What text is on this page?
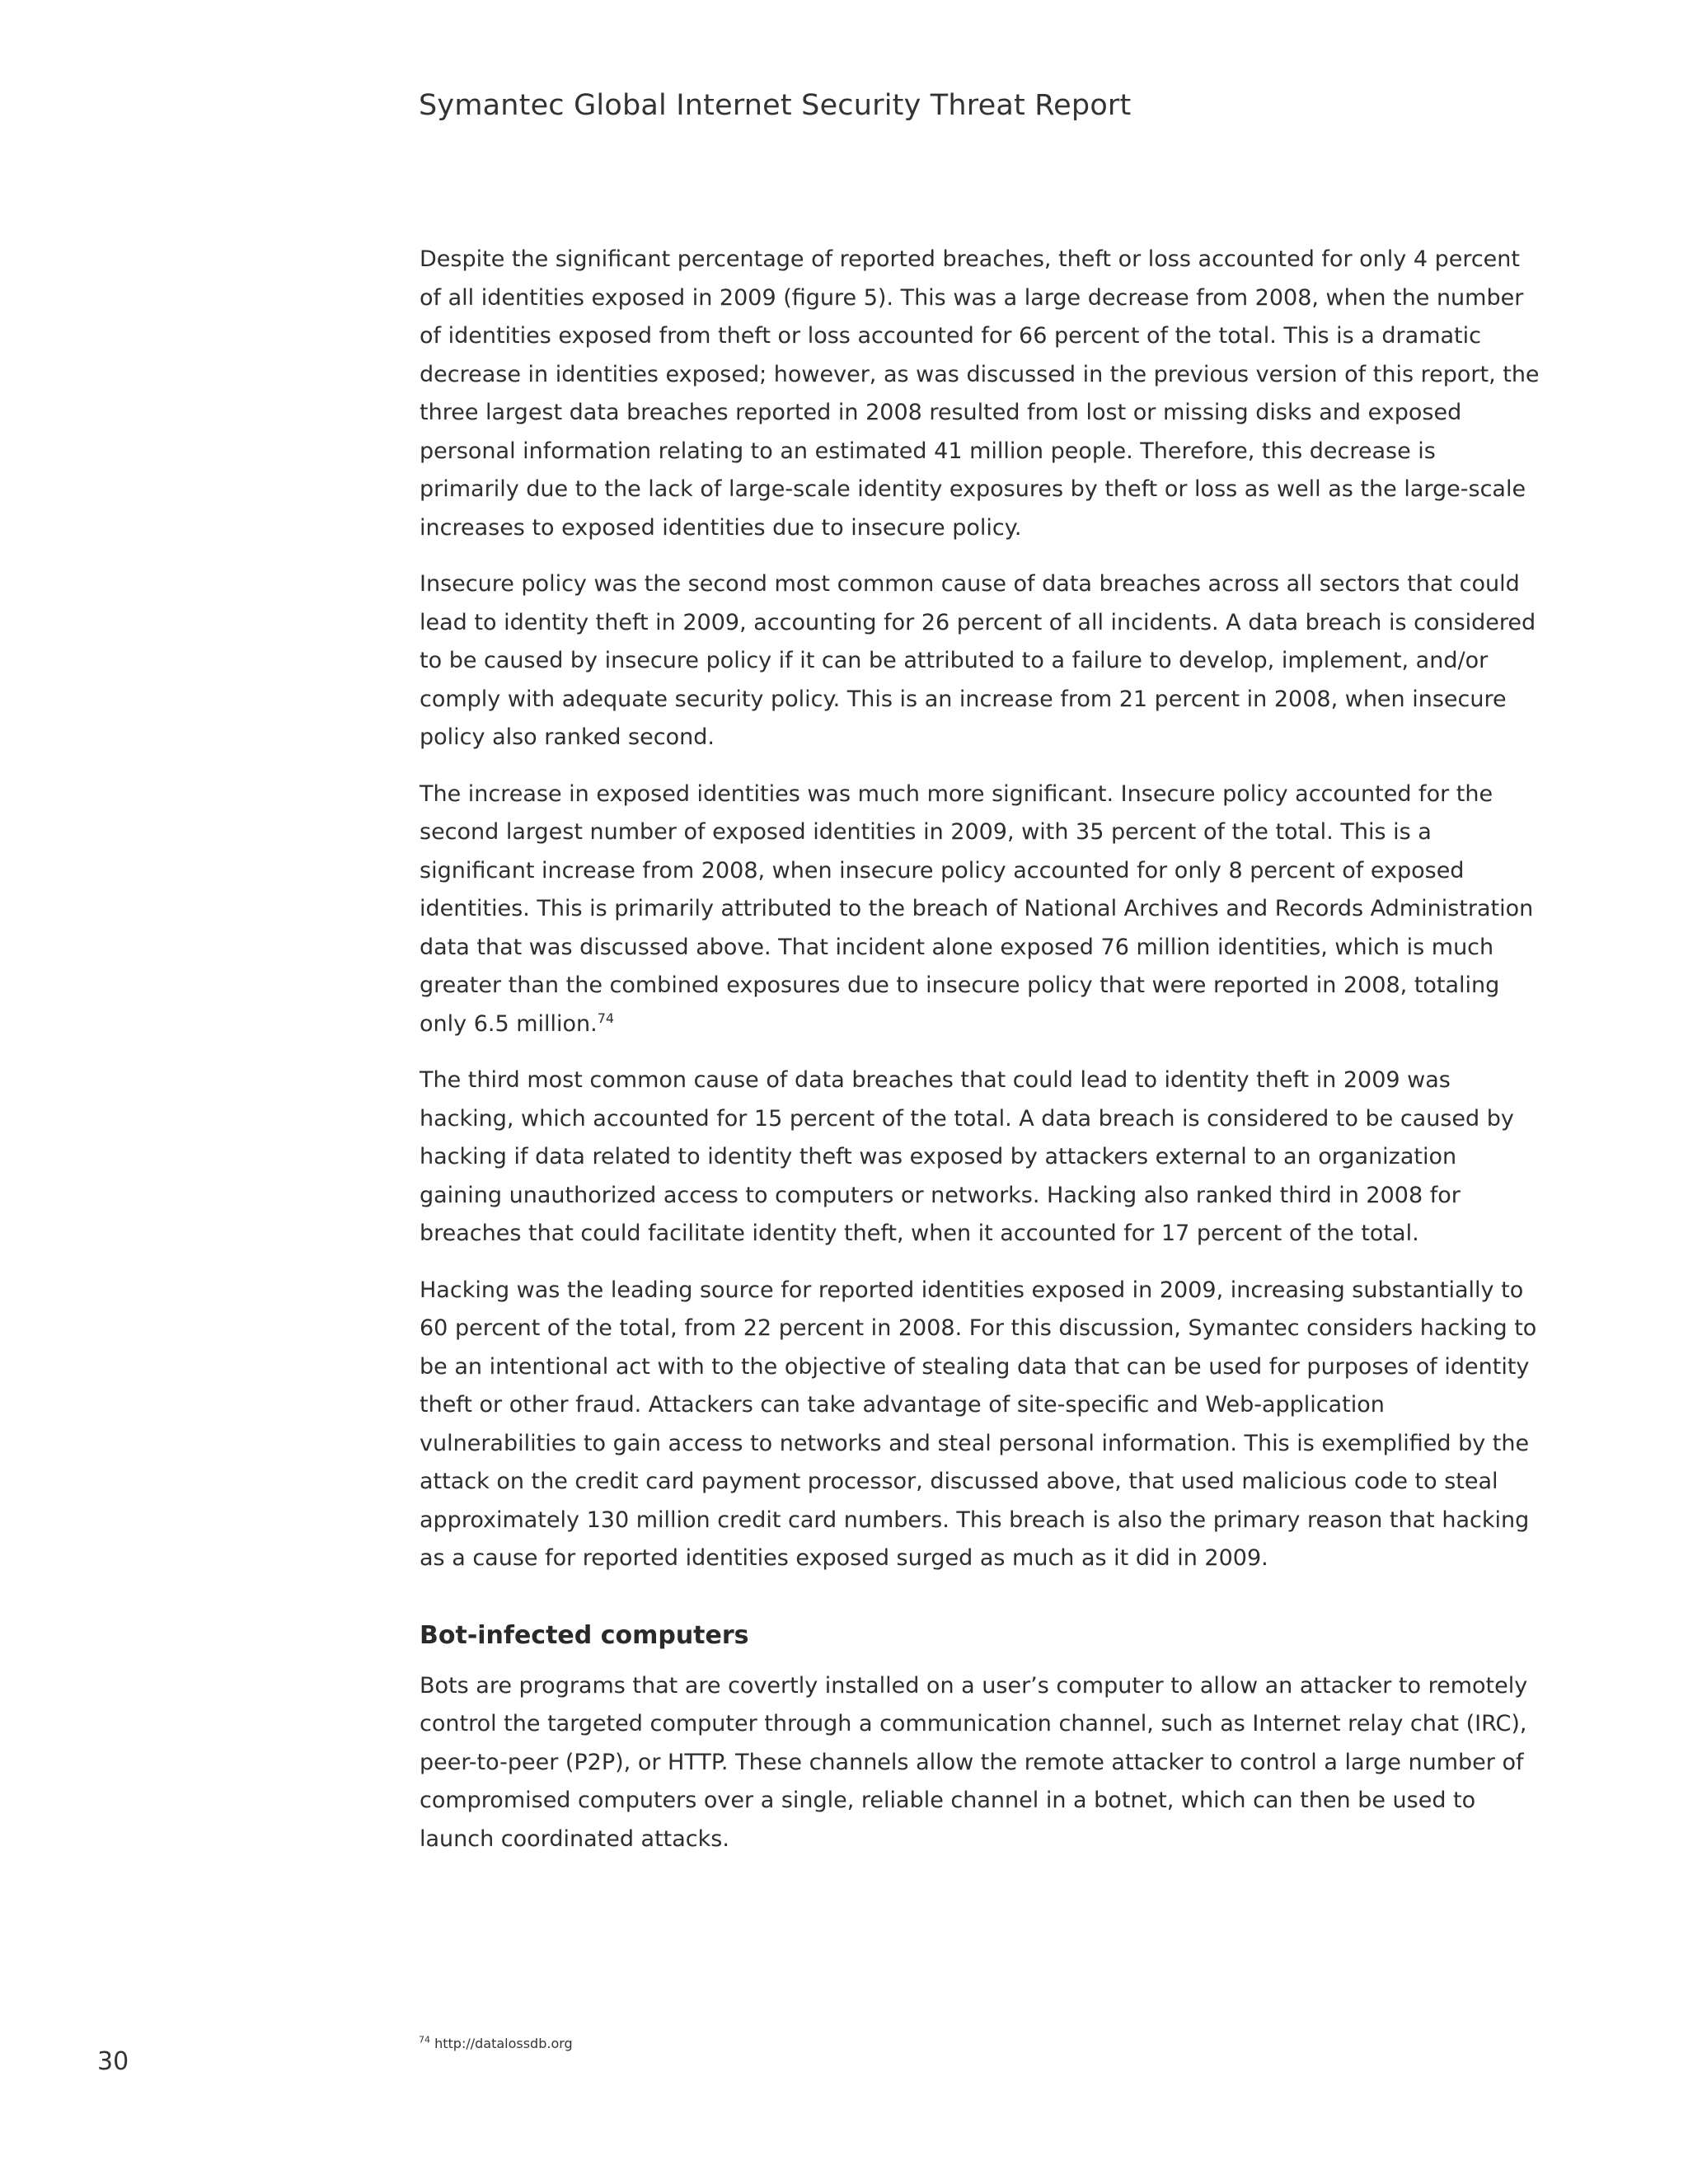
Symantec Global Internet Security Threat Report

Despite the significant percentage of reported breaches, theft or loss accounted for only 4 percent of all identities exposed in 2009 (figure 5). This was a large decrease from 2008, when the number of identities exposed from theft or loss accounted for 66 percent of the total. This is a dramatic decrease in identities exposed; however, as was discussed in the previous version of this report, the three largest data breaches reported in 2008 resulted from lost or missing disks and exposed personal information relating to an estimated 41 million people. Therefore, this decrease is primarily due to the lack of large-scale identity exposures by theft or loss as well as the large-scale increases to exposed identities due to insecure policy.

Insecure policy was the second most common cause of data breaches across all sectors that could lead to identity theft in 2009, accounting for 26 percent of all incidents. A data breach is considered to be caused by insecure policy if it can be attributed to a failure to develop, implement, and/or comply with adequate security policy. This is an increase from 21 percent in 2008, when insecure policy also ranked second.

The increase in exposed identities was much more significant. Insecure policy accounted for the second largest number of exposed identities in 2009, with 35 percent of the total. This is a significant increase from 2008, when insecure policy accounted for only 8 percent of exposed identities. This is primarily attributed to the breach of National Archives and Records Administration data that was discussed above. That incident alone exposed 76 million identities, which is much greater than the combined exposures due to insecure policy that were reported in 2008, totaling only 6.5 million.$^{74}$

The third most common cause of data breaches that could lead to identity theft in 2009 was hacking, which accounted for 15 percent of the total. A data breach is considered to be caused by hacking if data related to identity theft was exposed by attackers external to an organization gaining unauthorized access to computers or networks. Hacking also ranked third in 2008 for breaches that could facilitate identity theft, when it accounted for 17 percent of the total.

Hacking was the leading source for reported identities exposed in 2009, increasing substantially to 60 percent of the total, from 22 percent in 2008. For this discussion, Symantec considers hacking to be an intentional act with to the objective of stealing data that can be used for purposes of identity theft or other fraud. Attackers can take advantage of site-specific and Web-application vulnerabilities to gain access to networks and steal personal information. This is exemplified by the attack on the credit card payment processor, discussed above, that used malicious code to steal approximately 130 million credit card numbers. This breach is also the primary reason that hacking as a cause for reported identities exposed surged as much as it did in 2009.

Bot-infected computers

Bots are programs that are covertly installed on a user’s computer to allow an attacker to remotely control the targeted computer through a communication channel, such as Internet relay chat (IRC), peer-to-peer (P2P), or HTTP. These channels allow the remote attacker to control a large number of compromised computers over a single, reliable channel in a botnet, which can then be used to launch coordinated attacks.

$^{74}$ http://datalossdb.org
30
